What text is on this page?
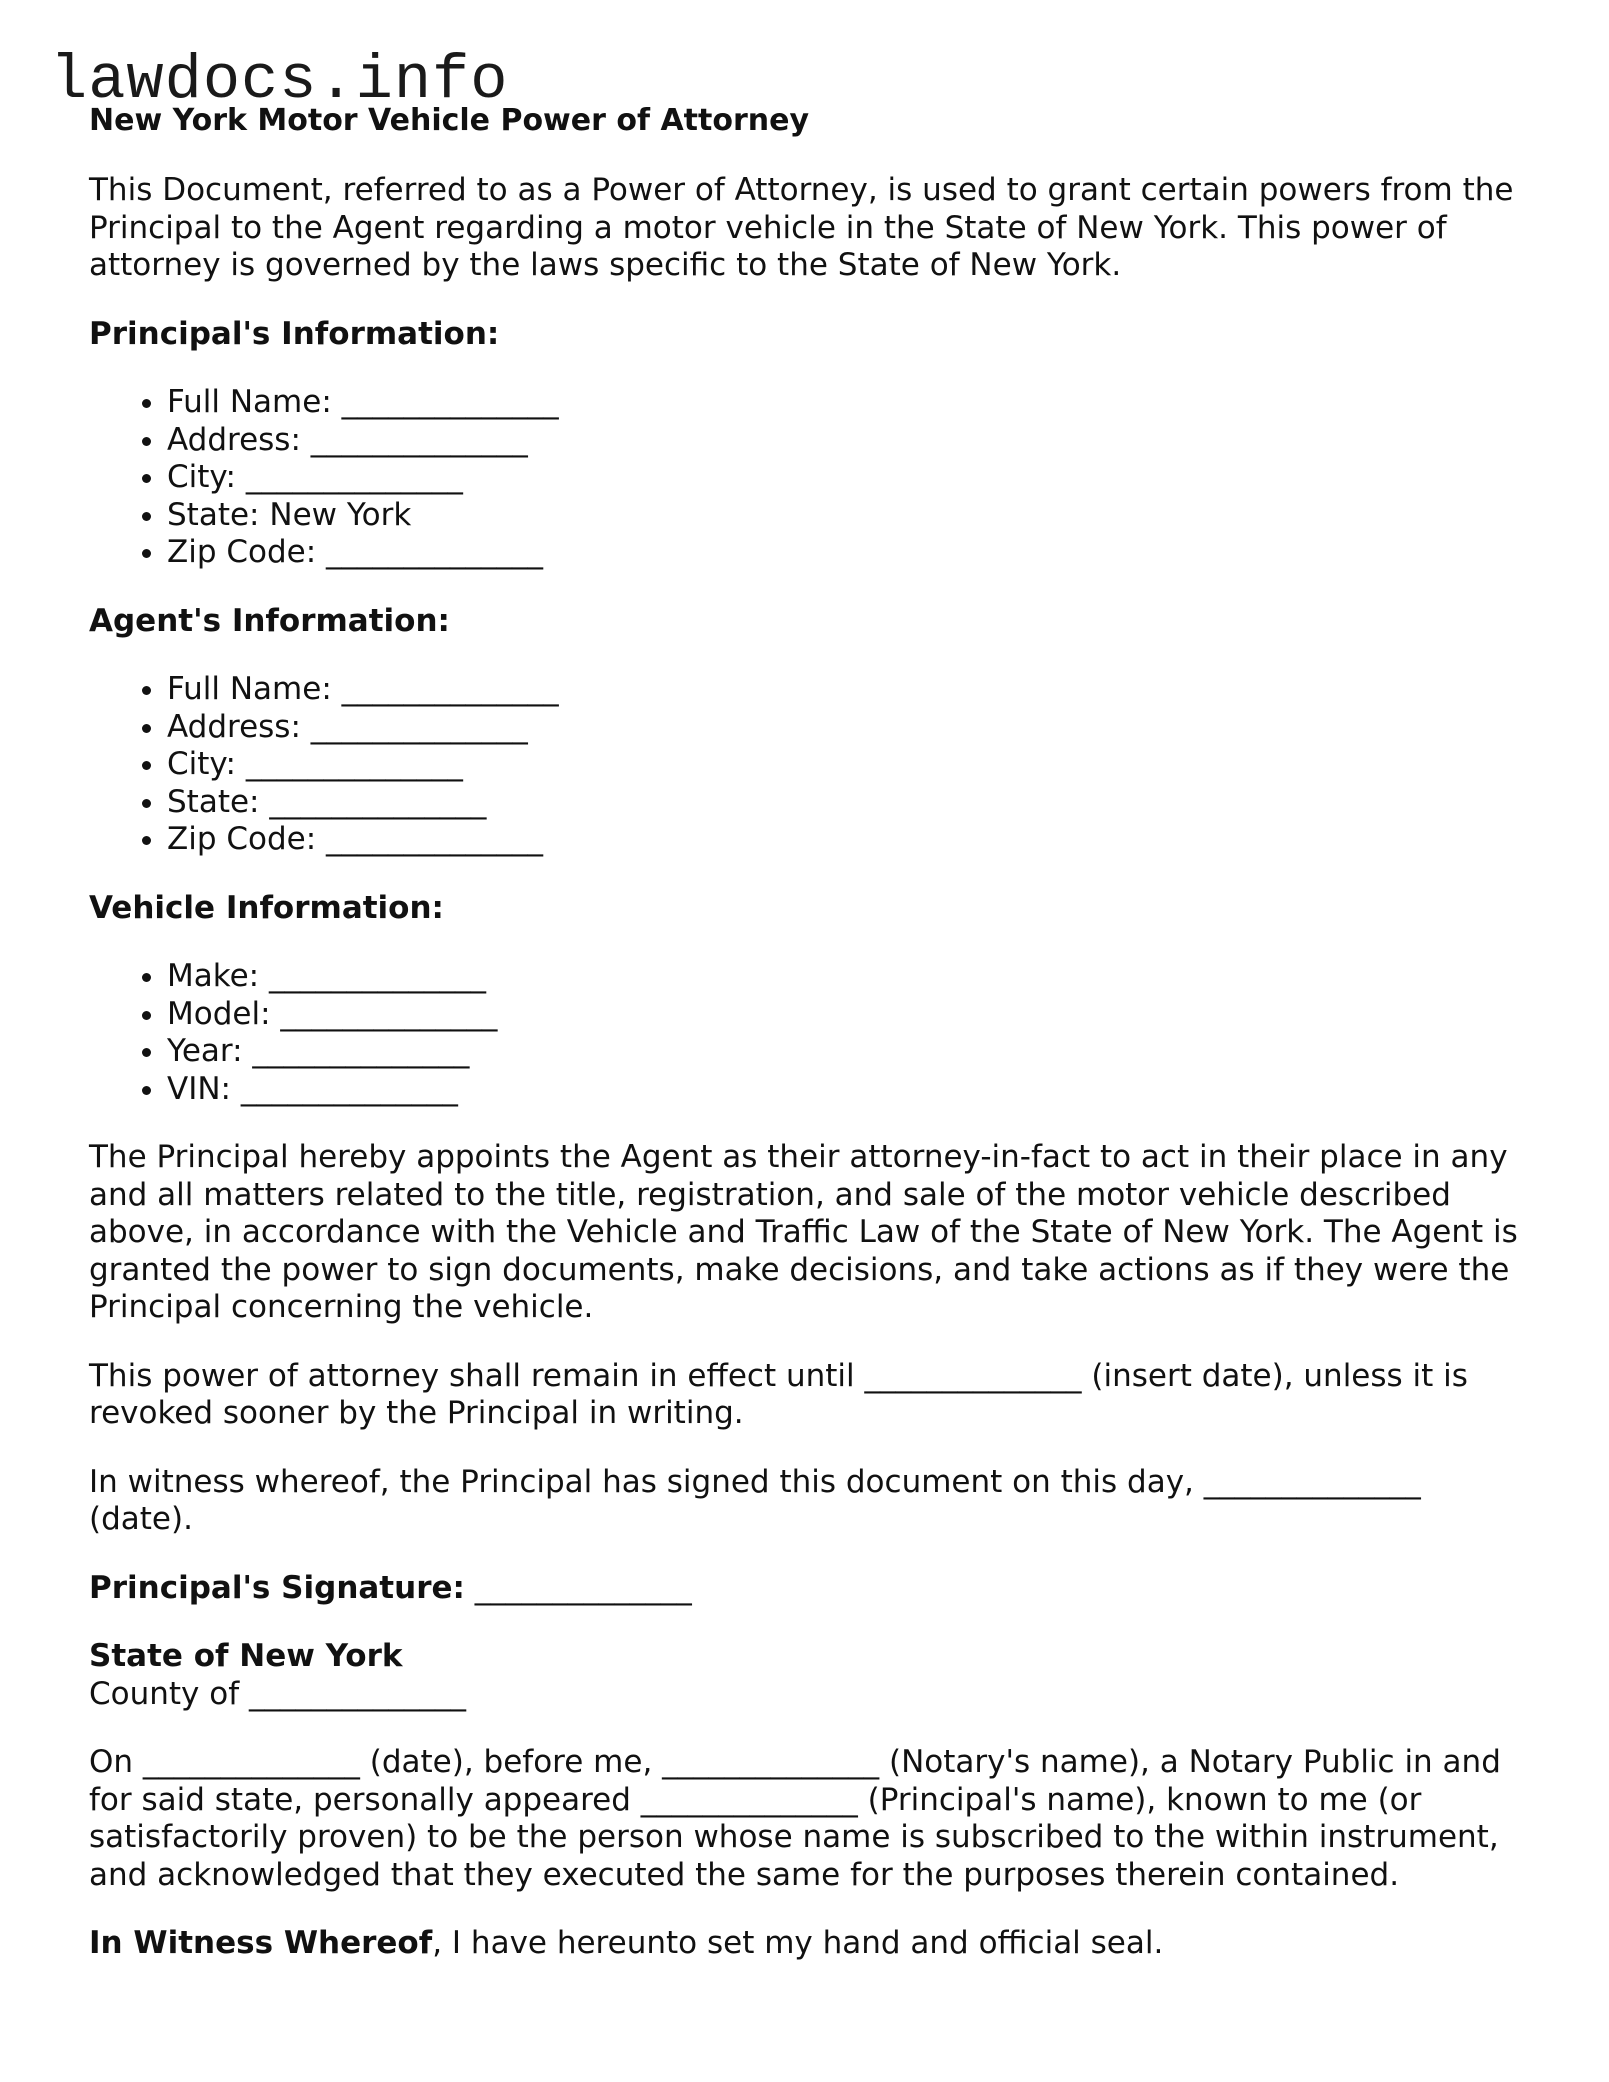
lawdocs.info
New York Motor Vehicle Power of Attorney

This Document, referred to as a Power of Attorney, is used to grant certain powers from the Principal to the Agent regarding a motor vehicle in the State of New York. This power of attorney is governed by the laws specific to the State of New York.

Principal's Information:
• Full Name: ______________
• Address: ______________
• City: ______________
• State: New York
• Zip Code: ______________
Agent's Information:
• Full Name: ______________
• Address: ______________
• City: ______________
• State: ______________
• Zip Code: ______________
Vehicle Information:
• Make: ______________
• Model: ______________
• Year: ______________
• VIN: ______________

The Principal hereby appoints the Agent as their attorney-in-fact to act in their place in any and all matters related to the title, registration, and sale of the motor vehicle described above, in accordance with the Vehicle and Traffic Law of the State of New York. The Agent is granted the power to sign documents, make decisions, and take actions as if they were the Principal concerning the vehicle.

This power of attorney shall remain in effect until ______________ (insert date), unless it is revoked sooner by the Principal in writing.

In witness whereof, the Principal has signed this document on this day, ______________ (date).

Principal's Signature: ______________

State of New York
County of ______________

On ______________ (date), before me, ______________ (Notary's name), a Notary Public in and for said state, personally appeared ______________ (Principal's name), known to me (or satisfactorily proven) to be the person whose name is subscribed to the within instrument, and acknowledged that they executed the same for the purposes therein contained.

In Witness Whereof, I have hereunto set my hand and official seal.
